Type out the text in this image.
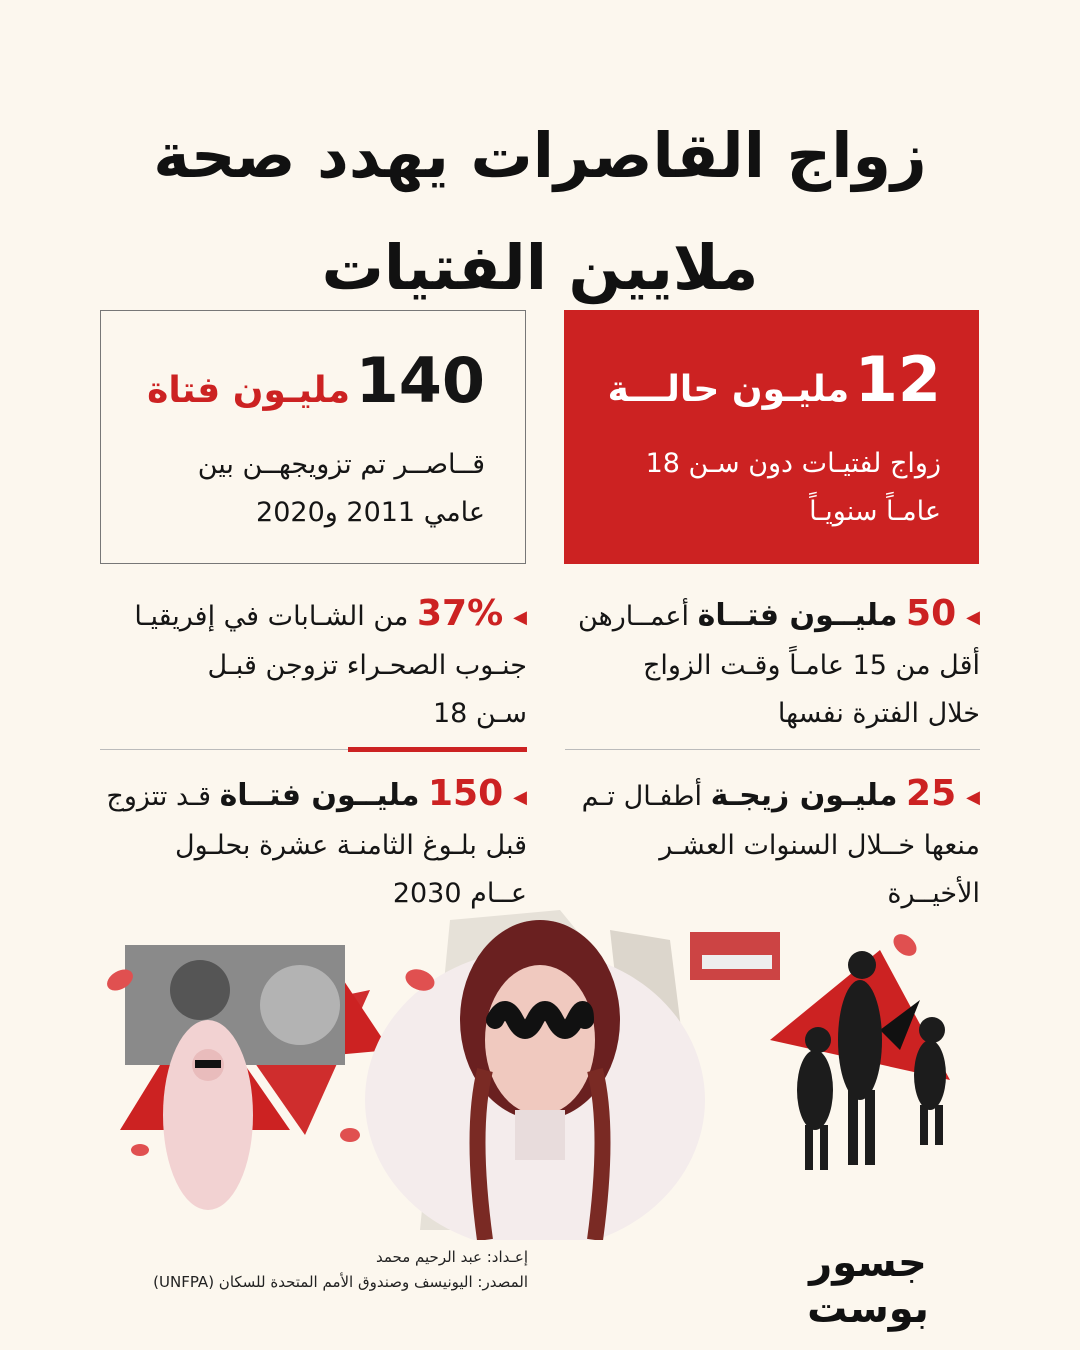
زواج القاصرات يهدد صحة
ملايين الفتيات
12 مليـون حالـــة
زواج لفتيـات دون سـن 18
عامـاً سنويـاً
140 مليـون فتاة
قــاصــر تم تزويجهــن بين
عامي 2011 و2020
◀50 مليــون فتــاة أعمــارهن
أقل من 15 عامـاً وقـت الزواج
خلال الفترة نفسها
◀37% من الشـابات في إفريقيـا
جنـوب الصحـراء تزوجن قبـل
سـن 18
◀25 مليـون زيجـة أطفـال تـم
منعها خــلال السنوات العشـر
الأخيــرة
◀150 مليــون فتــاة قـد تتزوج
قبل بلـوغ الثامنـة عشرة بحلـول
عــام 2030
إعـداد: عبد الرحيم محمد
المصدر: اليونيسف وصندوق الأمم المتحدة للسكان (UNFPA)	جسور بوست
